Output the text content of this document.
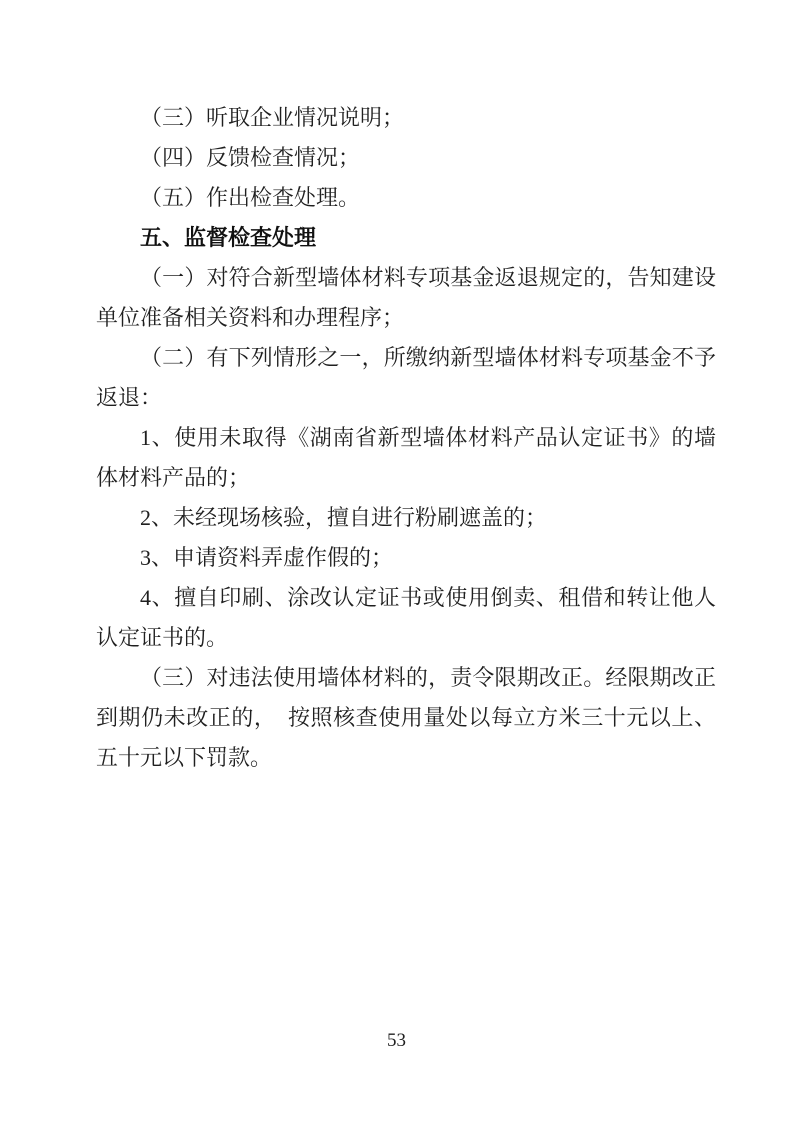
（三）听取企业情况说明；

（四）反馈检查情况；

（五）作出检查处理。

五、监督检查处理

（一）对符合新型墙体材料专项基金返退规定的，告知建设单位准备相关资料和办理程序；

（二）有下列情形之一，所缴纳新型墙体材料专项基金不予返退：

1、使用未取得《湖南省新型墙体材料产品认定证书》的墙体材料产品的；

2、未经现场核验，擅自进行粉刷遮盖的；

3、申请资料弄虚作假的；

4、擅自印刷、涂改认定证书或使用倒卖、租借和转让他人认定证书的。

（三）对违法使用墙体材料的，责令限期改正。经限期改正到期仍未改正的，　按照核查使用量处以每立方米三十元以上、五十元以下罚款。

53
